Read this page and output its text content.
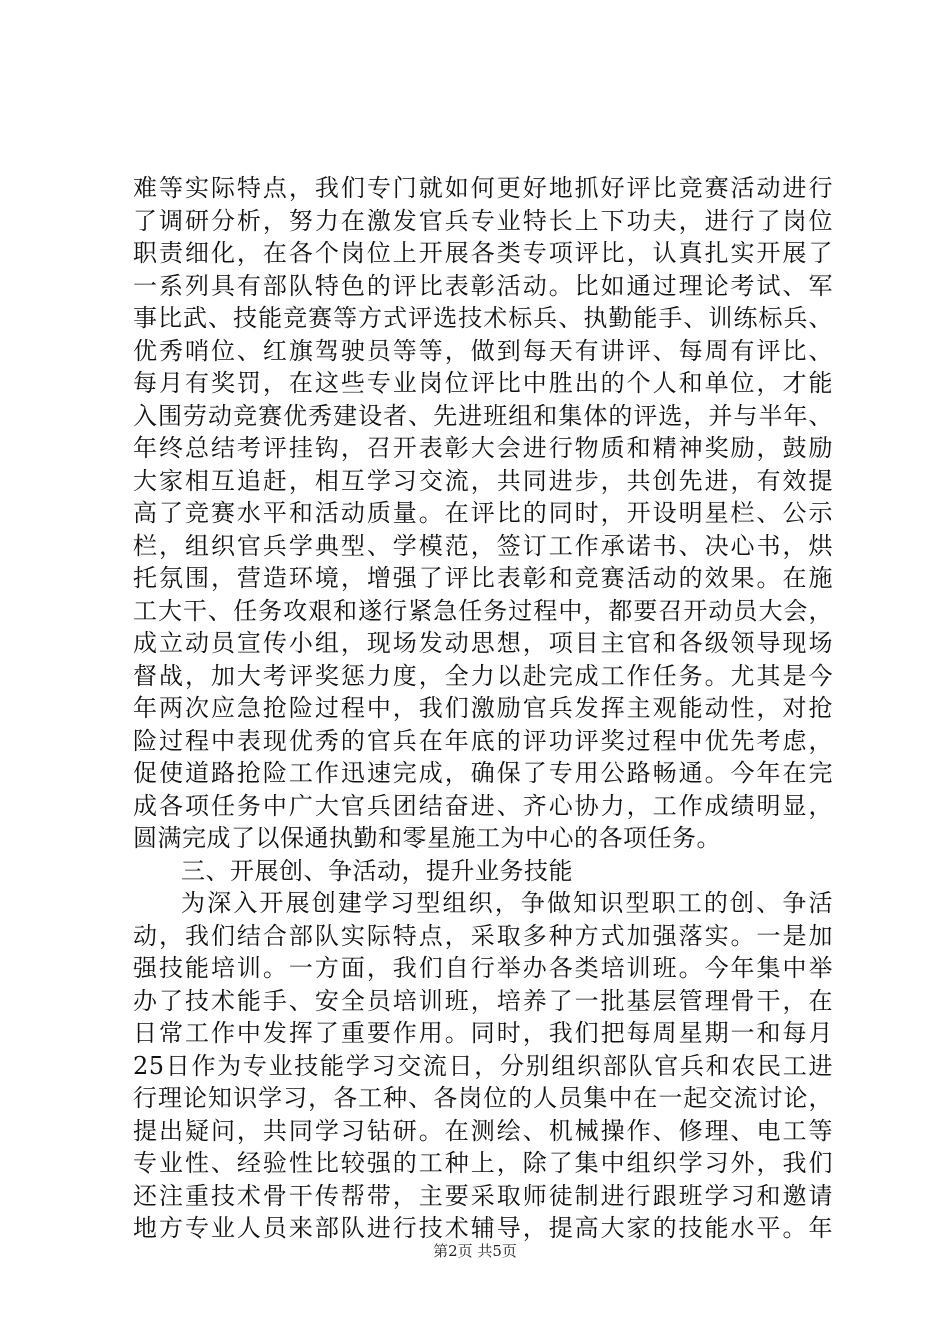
难等实际特点，我们专门就如何更好地抓好评比竞赛活动进行
了调研分析，努力在激发官兵专业特长上下功夫，进行了岗位
职责细化，在各个岗位上开展各类专项评比，认真扎实开展了
一系列具有部队特色的评比表彰活动。比如通过理论考试、军
事比武、技能竞赛等方式评选技术标兵、执勤能手、训练标兵、
优秀哨位、红旗驾驶员等等，做到每天有讲评、每周有评比、
每月有奖罚，在这些专业岗位评比中胜出的个人和单位，才能
入围劳动竞赛优秀建设者、先进班组和集体的评选，并与半年、
年终总结考评挂钩，召开表彰大会进行物质和精神奖励，鼓励
大家相互追赶，相互学习交流，共同进步，共创先进，有效提
高了竞赛水平和活动质量。在评比的同时，开设明星栏、公示
栏，组织官兵学典型、学模范，签订工作承诺书、决心书，烘
托氛围，营造环境，增强了评比表彰和竞赛活动的效果。在施
工大干、任务攻艰和遂行紧急任务过程中，都要召开动员大会，
成立动员宣传小组，现场发动思想，项目主官和各级领导现场
督战，加大考评奖惩力度，全力以赴完成工作任务。尤其是今
年两次应急抢险过程中，我们激励官兵发挥主观能动性，对抢
险过程中表现优秀的官兵在年底的评功评奖过程中优先考虑，
促使道路抢险工作迅速完成，确保了专用公路畅通。今年在完
成各项任务中广大官兵团结奋进、齐心协力，工作成绩明显，
圆满完成了以保通执勤和零星施工为中心的各项任务。
三、开展创、争活动，提升业务技能
为深入开展创建学习型组织，争做知识型职工的创、争活
动，我们结合部队实际特点，采取多种方式加强落实。一是加
强技能培训。一方面，我们自行举办各类培训班。今年集中举
办了技术能手、安全员培训班，培养了一批基层管理骨干，在
日常工作中发挥了重要作用。同时，我们把每周星期一和每月
25日作为专业技能学习交流日，分别组织部队官兵和农民工进
行理论知识学习，各工种、各岗位的人员集中在一起交流讨论，
提出疑问，共同学习钻研。在测绘、机械操作、修理、电工等
专业性、经验性比较强的工种上，除了集中组织学习外，我们
还注重技术骨干传帮带，主要采取师徒制进行跟班学习和邀请
地方专业人员来部队进行技术辅导，提高大家的技能水平。年
第2页 共5页
